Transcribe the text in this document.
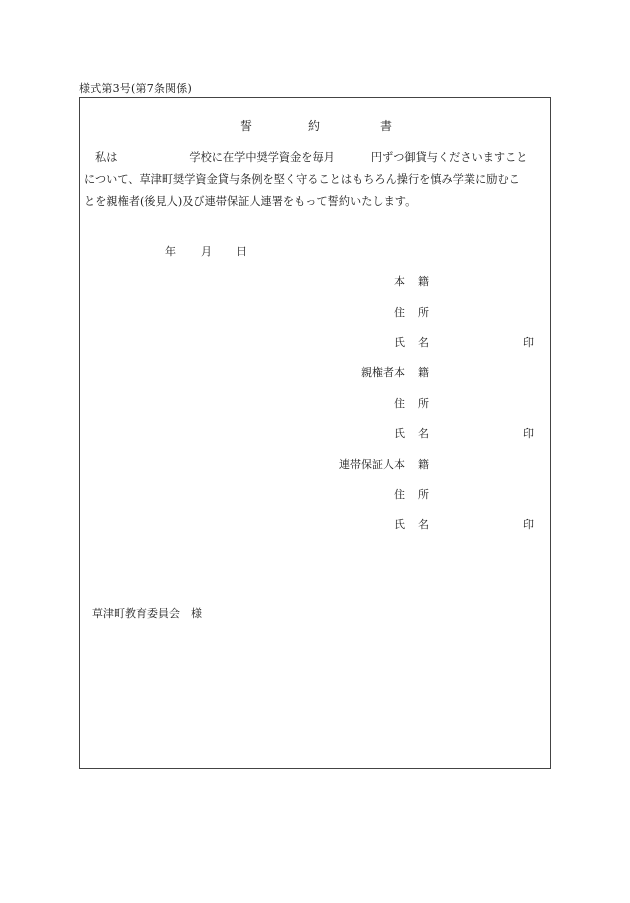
様式第3号(第7条関係)
誓	約	書
私は	学校に在学中奨学資金を毎月	円ずつ御貸与くださいますこと
について、草津町奨学資金貸与条例を堅く守ることはもちろん操行を慎み学業に励むこ
とを親権者(後見人)及び連帯保証人連署をもって誓約いたします。
年 月 日
本 籍
住 所
氏 名	印
親権者 本 籍
住 所
氏 名	印
連帯保証人 本 籍
住 所
氏 名	印
草津町教育委員会　様
